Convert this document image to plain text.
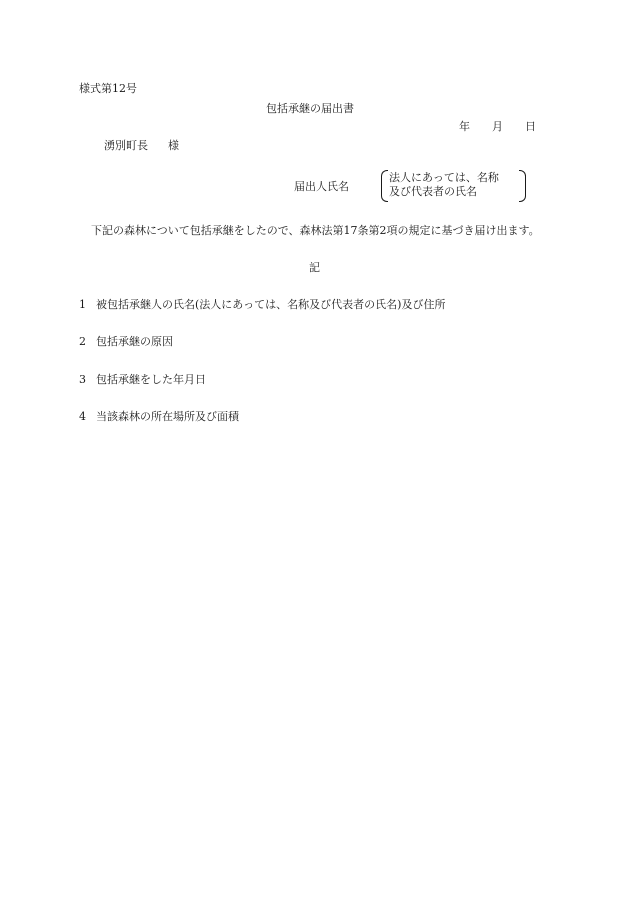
様式第12号
包括承継の届出書
年 月 日
湧別町長 様
届出人氏名
法人にあっては、名称
及び代表者の氏名
下記の森林について包括承継をしたので、森林法第17条第2項の規定に基づき届け出ます。
記
1 被包括承継人の氏名(法人にあっては、名称及び代表者の氏名)及び住所
2 包括承継の原因
3 包括承継をした年月日
4 当該森林の所在場所及び面積
